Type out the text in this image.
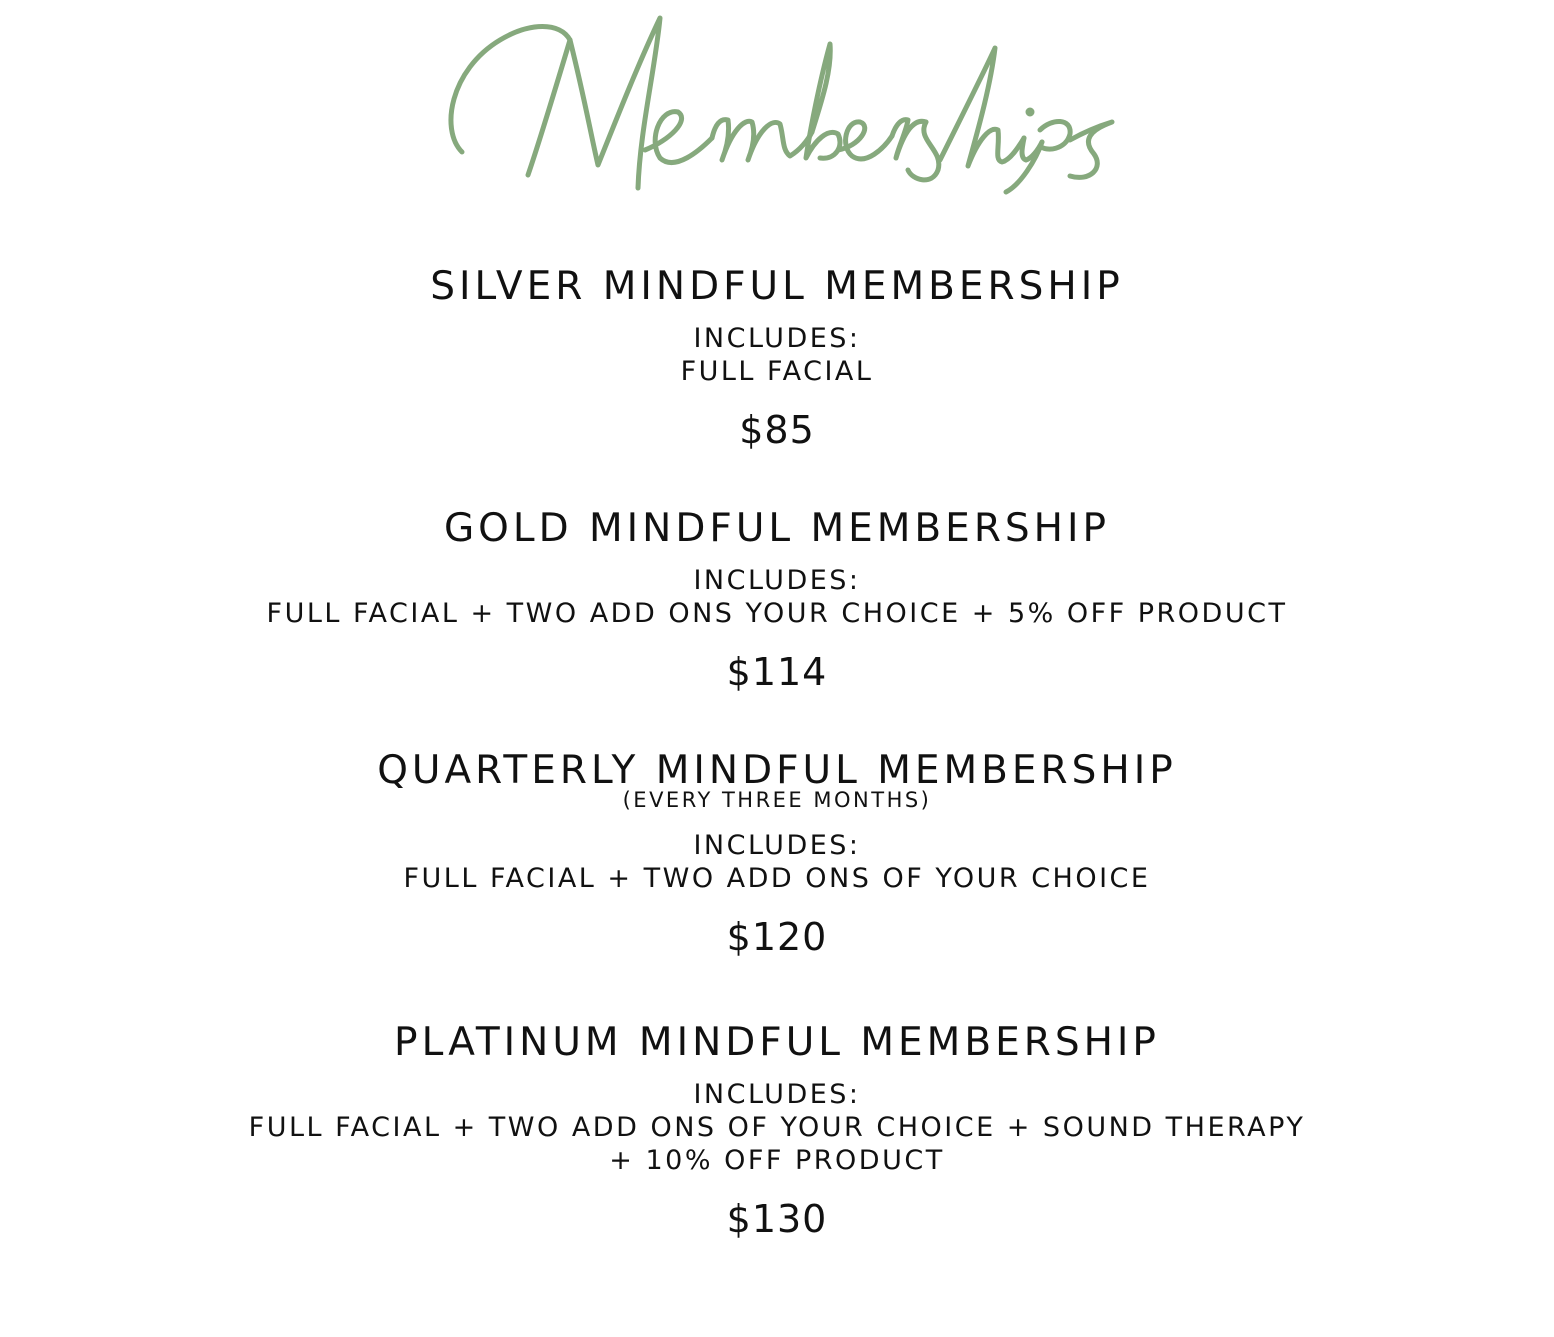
SILVER MINDFUL MEMBERSHIP
INCLUDES:
FULL FACIAL
$85
GOLD MINDFUL MEMBERSHIP
INCLUDES:
FULL FACIAL + TWO ADD ONS YOUR CHOICE + 5% OFF PRODUCT
$114
QUARTERLY MINDFUL MEMBERSHIP
(EVERY THREE MONTHS)
INCLUDES:
FULL FACIAL + TWO ADD ONS OF YOUR CHOICE
$120
PLATINUM MINDFUL MEMBERSHIP
INCLUDES:
FULL FACIAL + TWO ADD ONS OF YOUR CHOICE + SOUND THERAPY
+ 10% OFF PRODUCT
$130
